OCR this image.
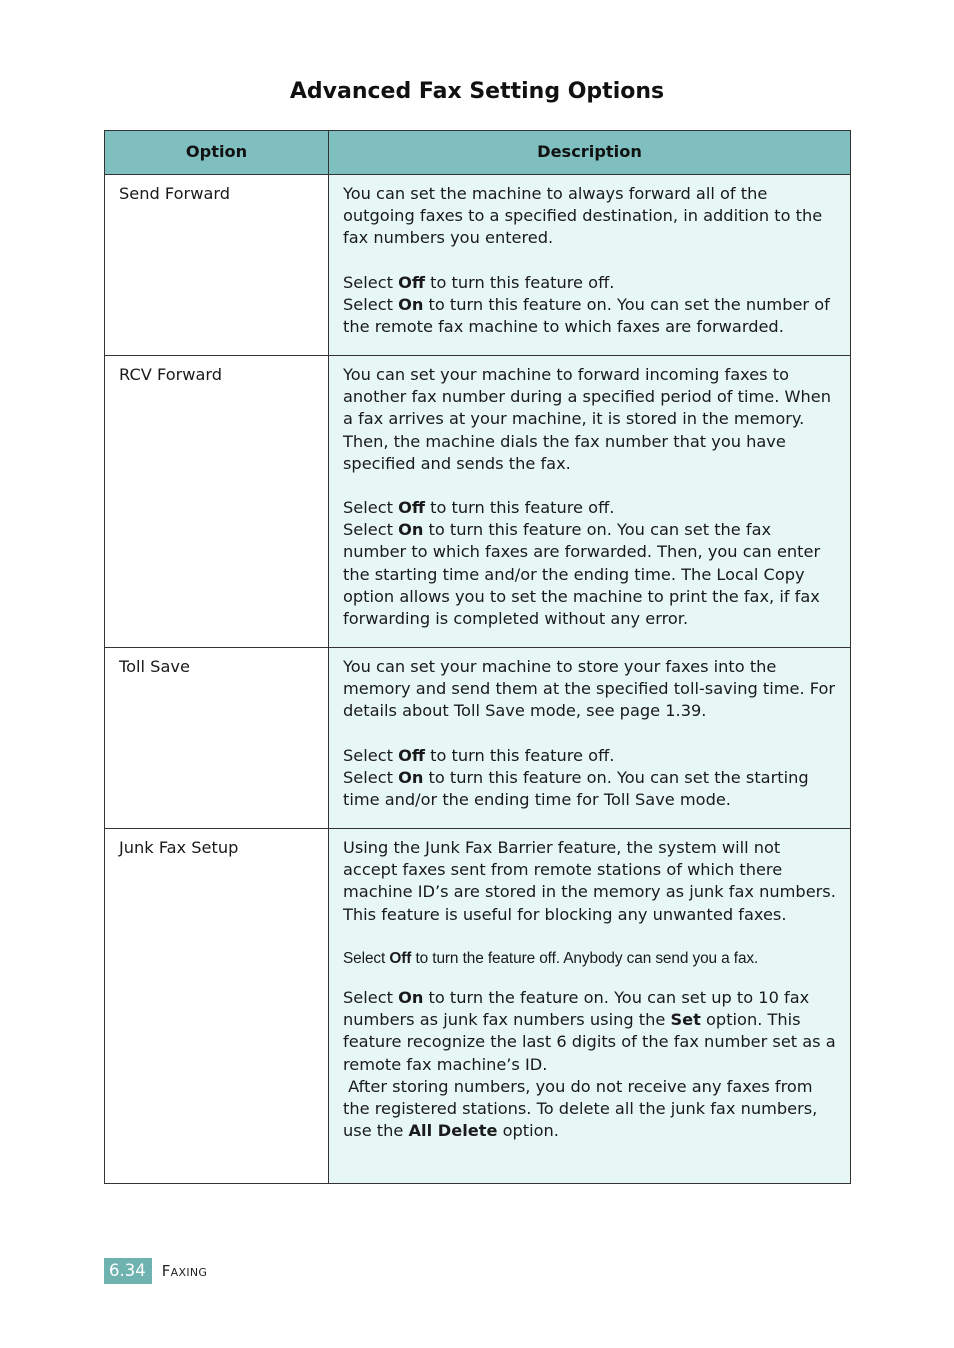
Advanced Fax Setting Options
Option	Description
Send Forward	You can set the machine to always forward all of the outgoing faxes to a specified destination, in addition to the fax numbers you entered.

Select Off to turn this feature off.

Select On to turn this feature on. You can set the number of the remote fax machine to which faxes are forwarded.

RCV Forward	You can set your machine to forward incoming faxes to another fax number during a specified period of time. When a fax arrives at your machine, it is stored in the memory. Then, the machine dials the fax number that you have specified and sends the fax.

Select Off to turn this feature off.

Select On to turn this feature on. You can set the fax number to which faxes are forwarded. Then, you can enter the starting time and/or the ending time. The Local Copy option allows you to set the machine to print the fax, if fax forwarding is completed without any error.

Toll Save	You can set your machine to store your faxes into the memory and send them at the specified toll-saving time. For details about Toll Save mode, see page 1.39.

Select Off to turn this feature off.

Select On to turn this feature on. You can set the starting time and/or the ending time for Toll Save mode.

Junk Fax Setup	Using the Junk Fax Barrier feature, the system will not accept faxes sent from remote stations of which there machine ID’s are stored in the memory as junk fax numbers. This feature is useful for blocking any unwanted faxes.

Select Off to turn the feature off. Anybody can send you a fax.

Select On to turn the feature on. You can set up to 10 fax numbers as junk fax numbers using the Set option. This feature recognize the last 6 digits of the fax number set as a remote fax machine’s ID.

After storing numbers, you do not receive any faxes from the registered stations. To delete all the junk fax numbers, use the All Delete option.

6.34	Faxing
